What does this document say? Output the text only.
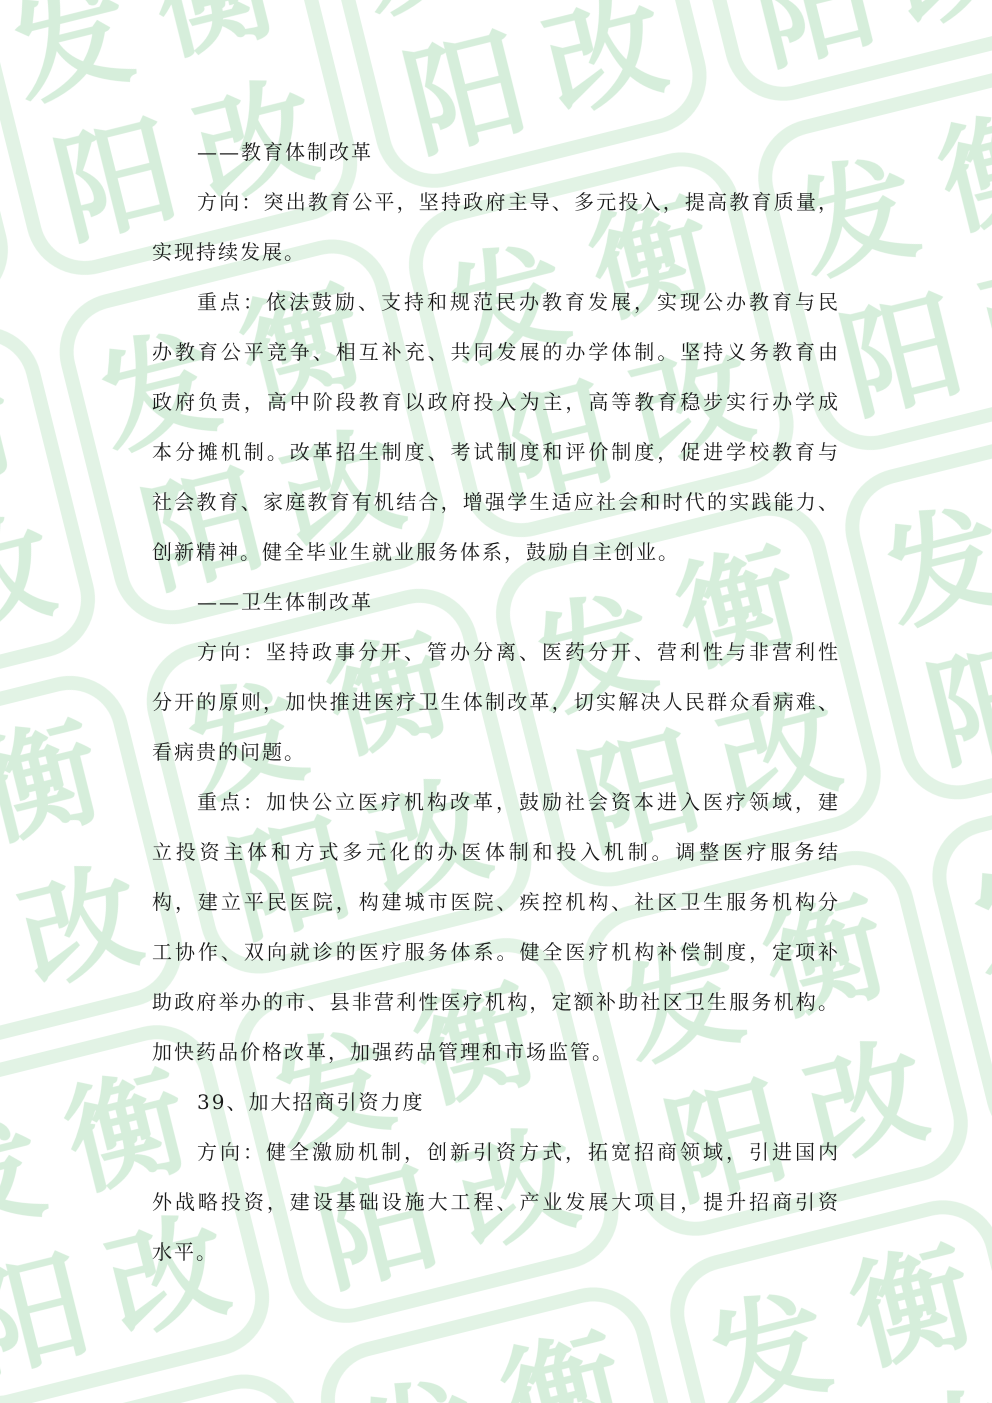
——教育体制改革
方向：突出教育公平，坚持政府主导、多元投入，提高教育质量，
实现持续发展。
重点：依法鼓励、支持和规范民办教育发展，实现公办教育与民
办教育公平竞争、相互补充、共同发展的办学体制。坚持义务教育由
政府负责，高中阶段教育以政府投入为主，高等教育稳步实行办学成
本分摊机制。改革招生制度、考试制度和评价制度，促进学校教育与
社会教育、家庭教育有机结合，增强学生适应社会和时代的实践能力、
创新精神。健全毕业生就业服务体系，鼓励自主创业。
——卫生体制改革
方向：坚持政事分开、管办分离、医药分开、营利性与非营利性
分开的原则，加快推进医疗卫生体制改革，切实解决人民群众看病难、
看病贵的问题。
重点：加快公立医疗机构改革，鼓励社会资本进入医疗领域，建
立投资主体和方式多元化的办医体制和投入机制。调整医疗服务结
构，建立平民医院，构建城市医院、疾控机构、社区卫生服务机构分
工协作、双向就诊的医疗服务体系。健全医疗机构补偿制度，定项补
助政府举办的市、县非营利性医疗机构，定额补助社区卫生服务机构。
加快药品价格改革，加强药品管理和市场监管。
39、加大招商引资力度
方向：健全激励机制，创新引资方式，拓宽招商领域，引进国内
外战略投资，建设基础设施大工程、产业发展大项目，提升招商引资
水平。
